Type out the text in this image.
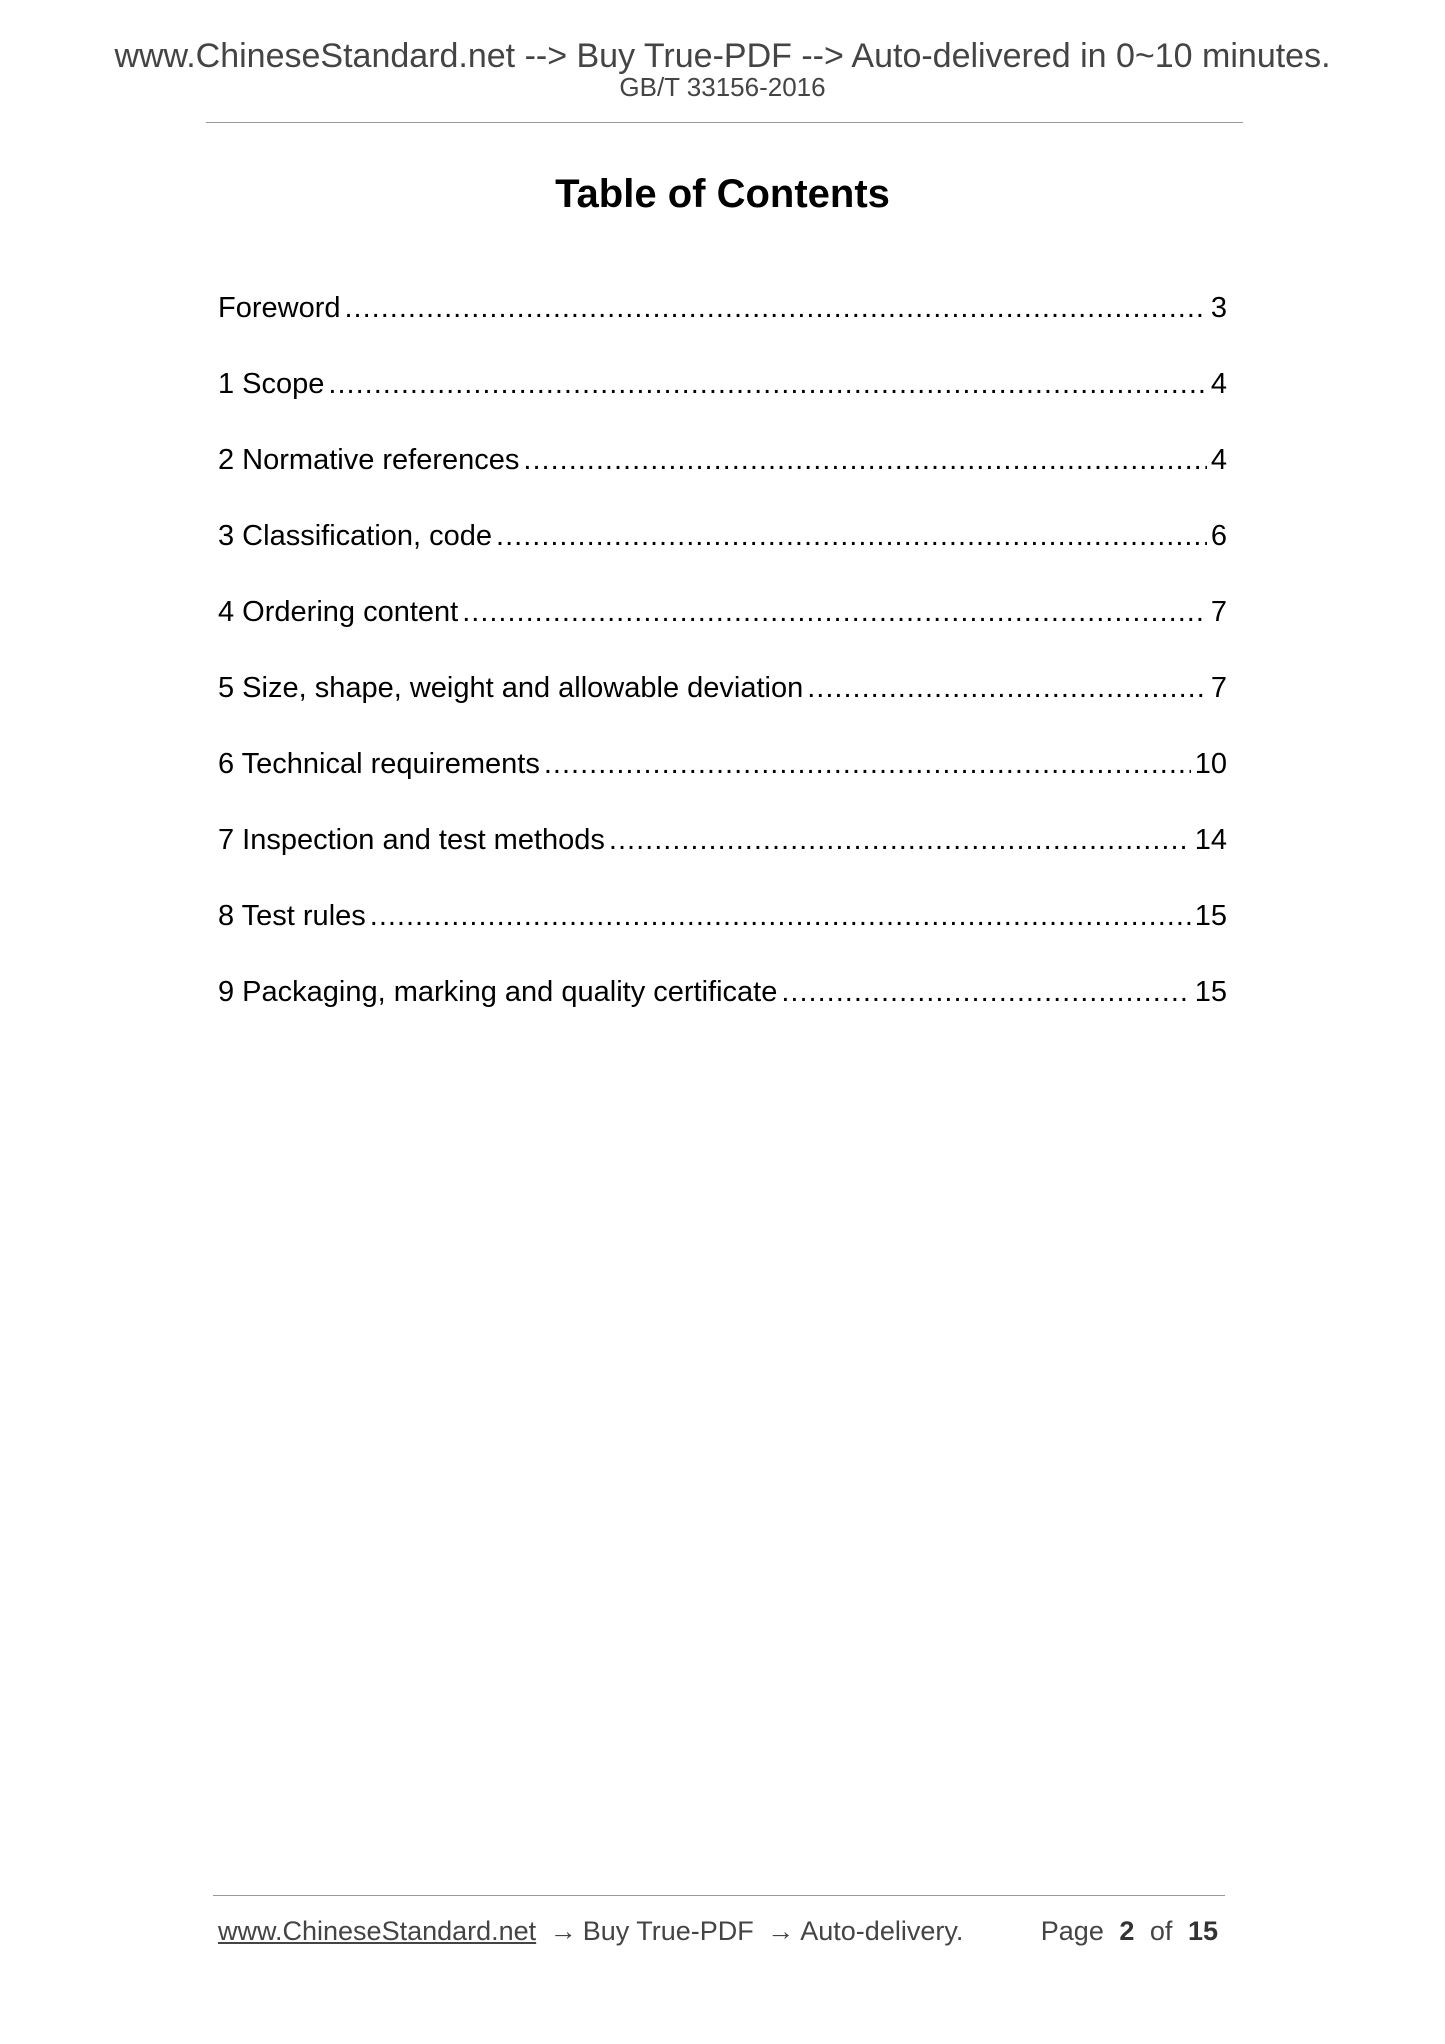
www.ChineseStandard.net --> Buy True-PDF --> Auto-delivered in 0~10 minutes.
GB/T 33156-2016
Table of Contents
Foreword .....	3
1 Scope .....	4
2 Normative references .....	4
3 Classification, code .....	6
4 Ordering content .....	7
5 Size, shape, weight and allowable deviation .....	7
6 Technical requirements .....	10
7 Inspection and test methods .....	14
8 Test rules .....	15
9 Packaging, marking and quality certificate .....	15
www.ChineseStandard.net → Buy True-PDF → Auto-delivery.	Page 2 of 15
